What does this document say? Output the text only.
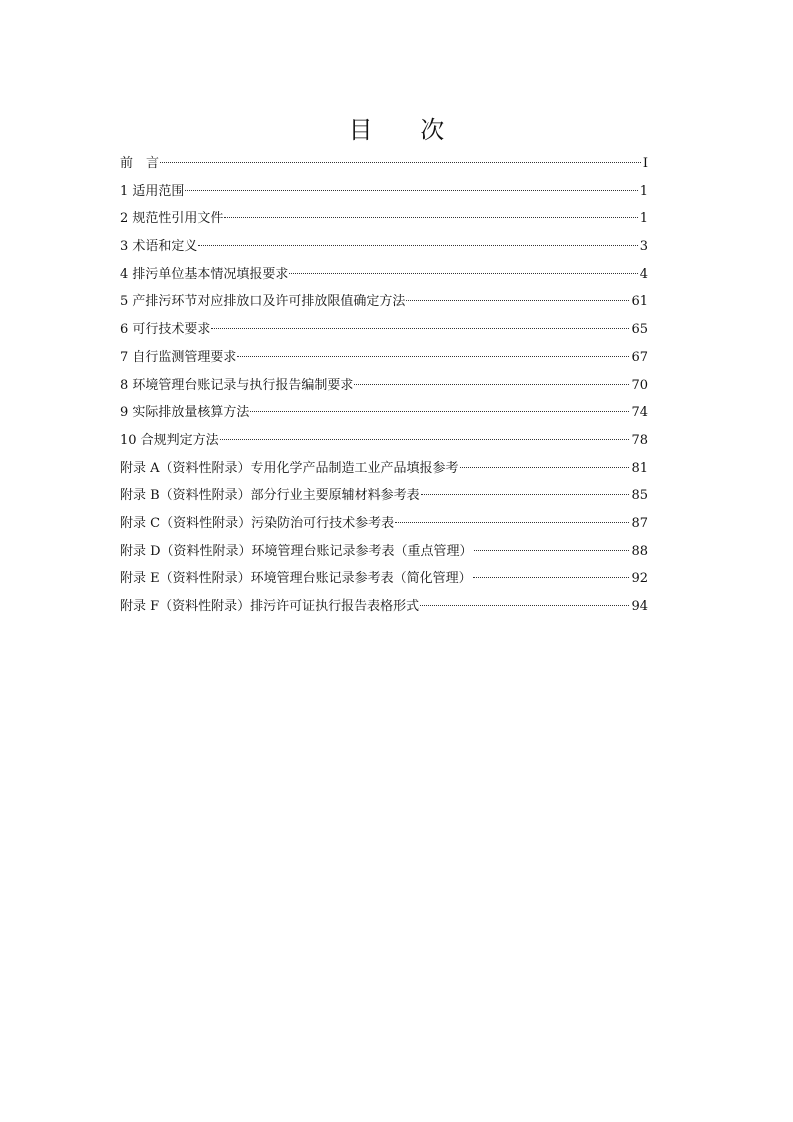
目 次
前　言	I
1 适用范围	1
2 规范性引用文件	1
3 术语和定义	3
4 排污单位基本情况填报要求	4
5 产排污环节对应排放口及许可排放限值确定方法	61
6 可行技术要求	65
7 自行监测管理要求	67
8 环境管理台账记录与执行报告编制要求	70
9 实际排放量核算方法	74
10 合规判定方法	78
附录 A（资料性附录）专用化学产品制造工业产品填报参考	81
附录 B（资料性附录）部分行业主要原辅材料参考表	85
附录 C（资料性附录）污染防治可行技术参考表	87
附录 D（资料性附录）环境管理台账记录参考表（重点管理）	88
附录 E（资料性附录）环境管理台账记录参考表（简化管理）	92
附录 F（资料性附录）排污许可证执行报告表格形式	94
